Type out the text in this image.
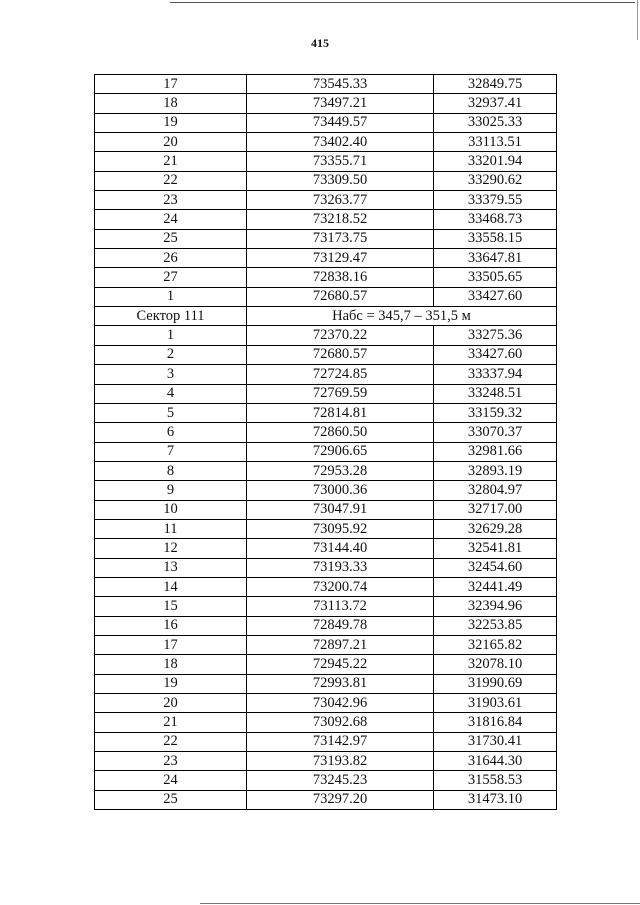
415
17	73545.33	32849.75
18	73497.21	32937.41
19	73449.57	33025.33
20	73402.40	33113.51
21	73355.71	33201.94
22	73309.50	33290.62
23	73263.77	33379.55
24	73218.52	33468.73
25	73173.75	33558.15
26	73129.47	33647.81
27	72838.16	33505.65
1	72680.57	33427.60
Сектор 111	Набс = 345,7 – 351,5 м	
1	72370.22	33275.36
2	72680.57	33427.60
3	72724.85	33337.94
4	72769.59	33248.51
5	72814.81	33159.32
6	72860.50	33070.37
7	72906.65	32981.66
8	72953.28	32893.19
9	73000.36	32804.97
10	73047.91	32717.00
11	73095.92	32629.28
12	73144.40	32541.81
13	73193.33	32454.60
14	73200.74	32441.49
15	73113.72	32394.96
16	72849.78	32253.85
17	72897.21	32165.82
18	72945.22	32078.10
19	72993.81	31990.69
20	73042.96	31903.61
21	73092.68	31816.84
22	73142.97	31730.41
23	73193.82	31644.30
24	73245.23	31558.53
25	73297.20	31473.10
